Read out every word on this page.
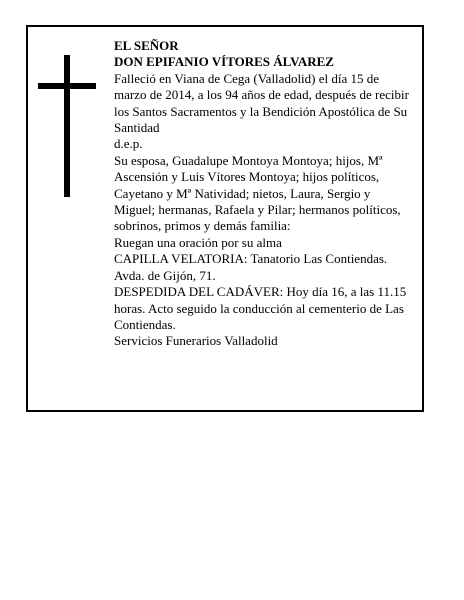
EL SEÑOR

DON EPIFANIO VÍTORES ÁLVAREZ

Falleció en Viana de Cega (Valladolid) el día 15 de marzo de 2014, a los 94 años de edad, después de recibir los Santos Sacramentos y la Bendición Apostólica de Su Santidad

d.e.p.

Su esposa, Guadalupe Montoya Montoya; hijos, Mª Ascensión y Luis Vítores Montoya; hijos políticos, Cayetano y Mª Natividad; nietos, Laura, Sergio y Miguel; hermanas, Rafaela y Pilar; hermanos políticos, sobrinos, primos y demás familia:

Ruegan una oración por su alma

CAPILLA VELATORIA: Tanatorio Las Contiendas. Avda. de Gijón, 71.

DESPEDIDA DEL CADÁVER: Hoy día 16, a las 11.15 horas. Acto seguido la conducción al cementerio de Las Contiendas.

Servicios Funerarios Valladolid
